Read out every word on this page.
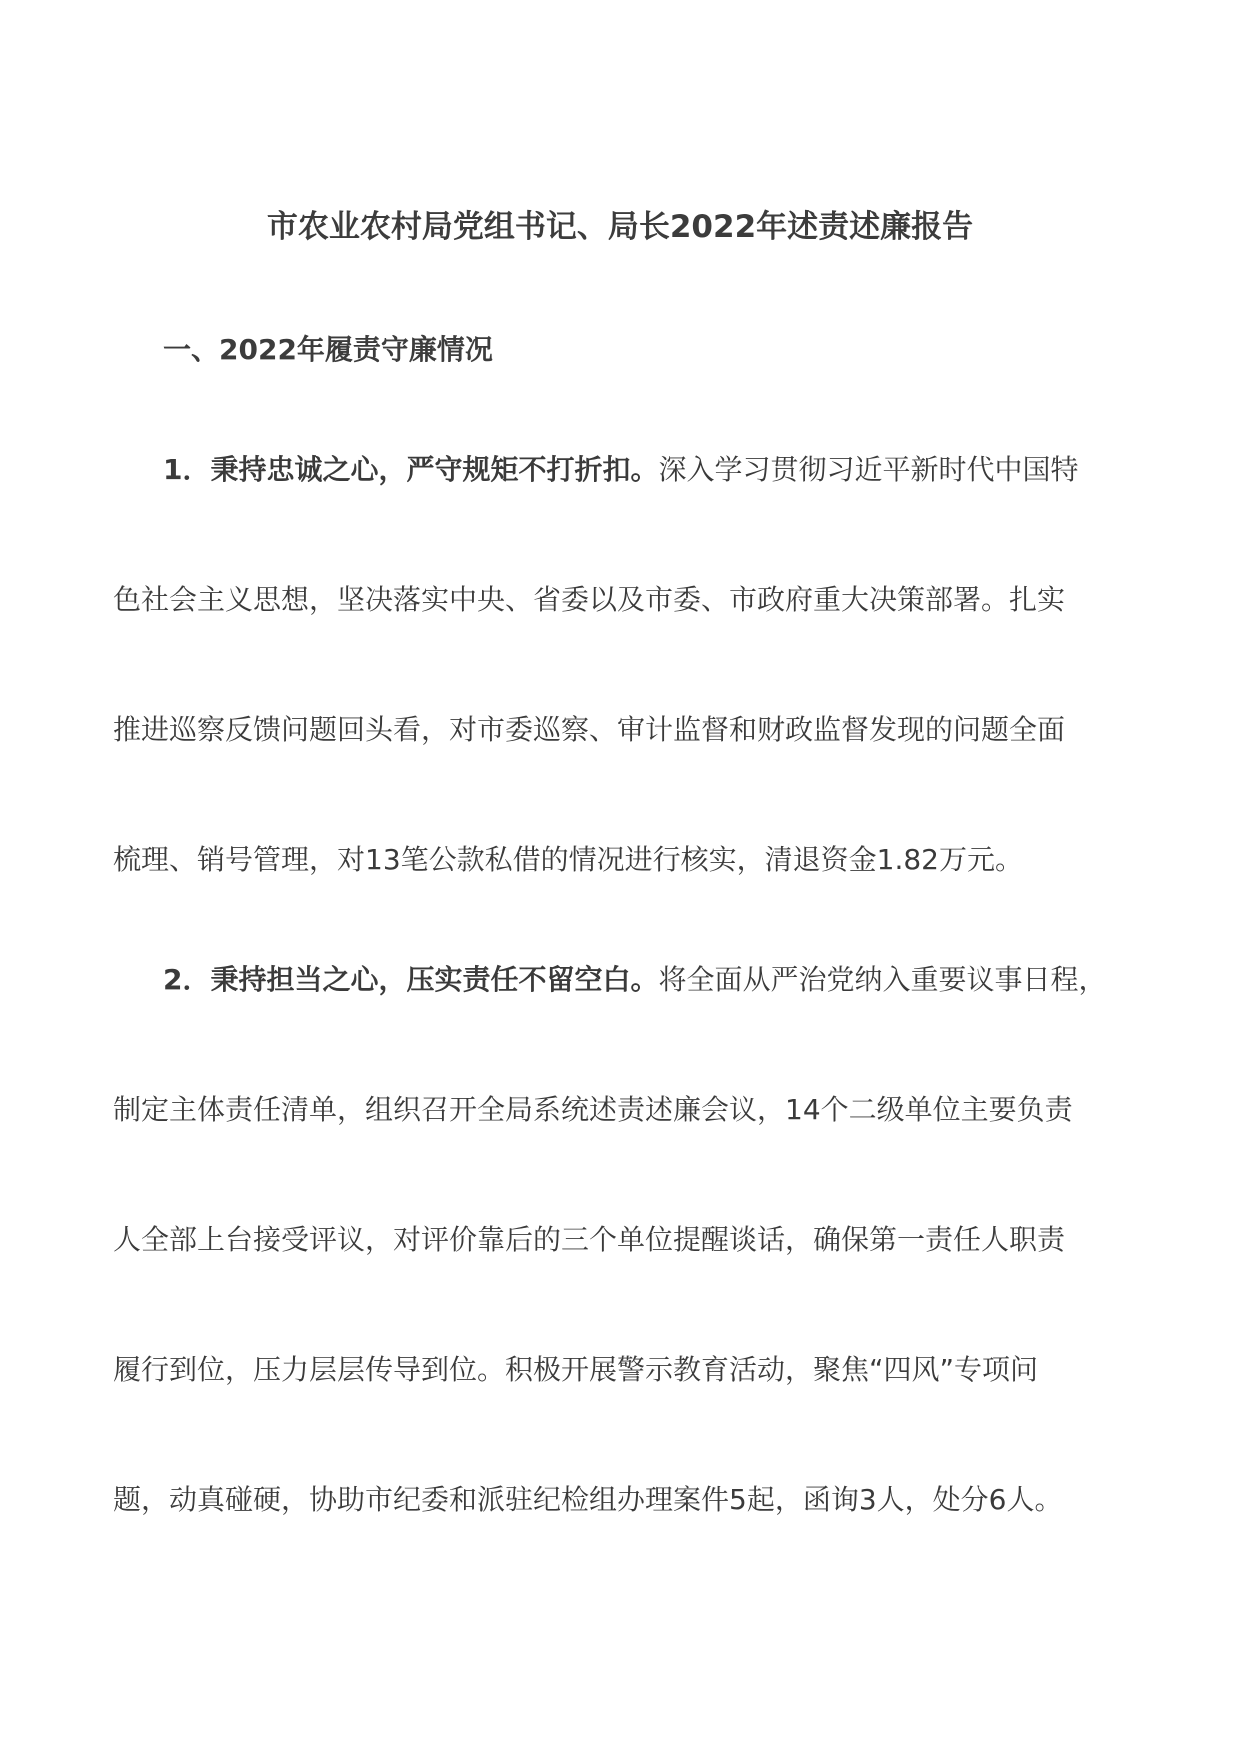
市农业农村局党组书记、局长2022年述责述廉报告
一、2022年履责守廉情况
1．秉持忠诚之心，严守规矩不打折扣。深入学习贯彻习近平新时代中国特
色社会主义思想，坚决落实中央、省委以及市委、市政府重大决策部署。扎实
推进巡察反馈问题回头看，对市委巡察、审计监督和财政监督发现的问题全面
梳理、销号管理，对13笔公款私借的情况进行核实，清退资金1.82万元。
2．秉持担当之心，压实责任不留空白。将全面从严治党纳入重要议事日程，
制定主体责任清单，组织召开全局系统述责述廉会议，14个二级单位主要负责
人全部上台接受评议，对评价靠后的三个单位提醒谈话，确保第一责任人职责
履行到位，压力层层传导到位。积极开展警示教育活动，聚焦“四风”专项问
题，动真碰硬，协助市纪委和派驻纪检组办理案件5起，函询3人，处分6人。
